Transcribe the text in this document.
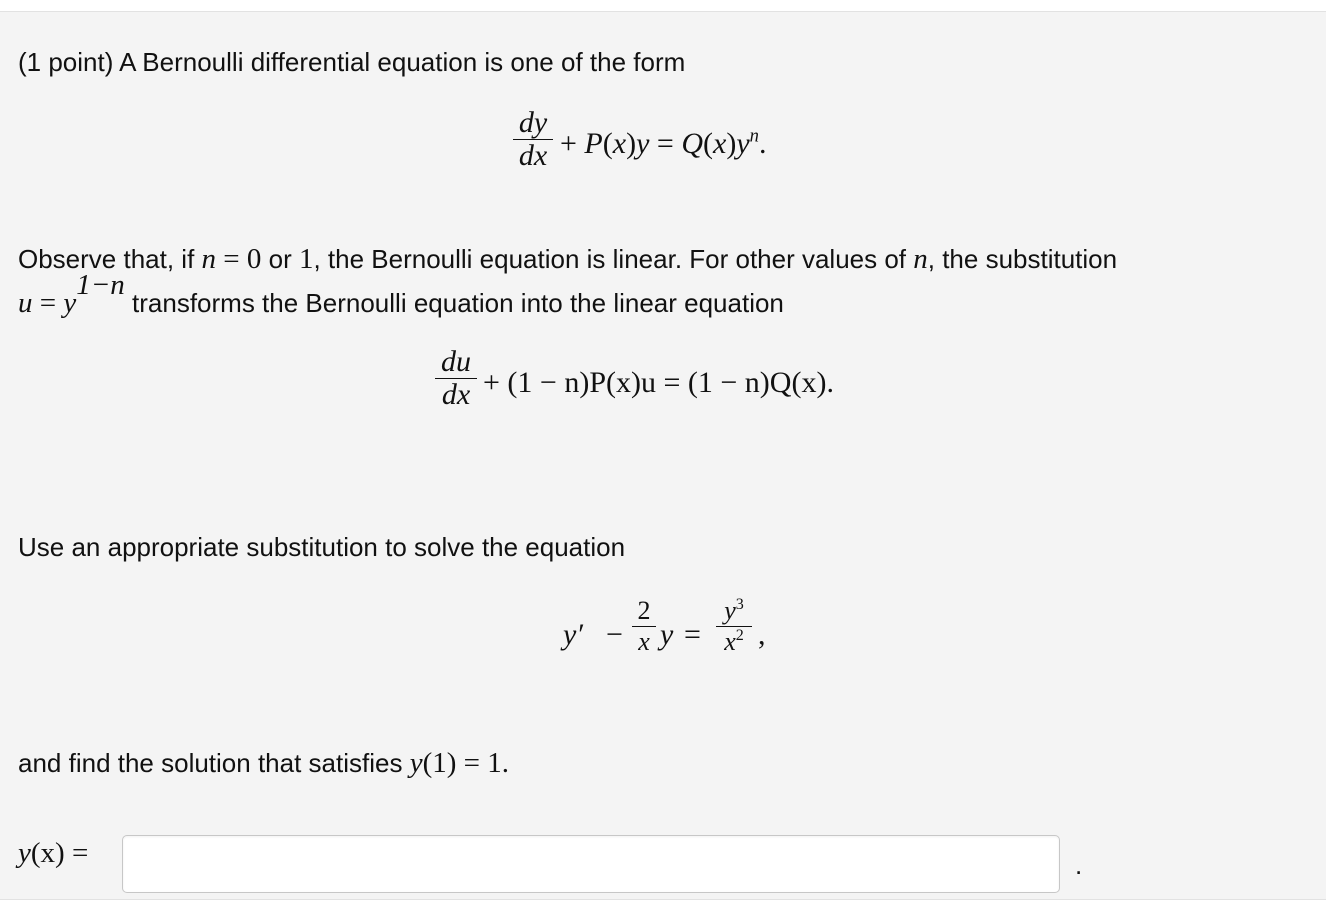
(1 point) A Bernoulli differential equation is one of the form
dy
dx + $P(x)y = Q(x)y^n$.
Observe that, if n = 0 or 1, the Bernoulli equation is linear. For other values of n, the substitution
$u = y^{1-n}$ transforms the Bernoulli equation into the linear equation
du
dx + (1 − n)P(x)u = (1 − n)Q(x).
Use an appropriate substitution to solve the equation
y′ −
2
x y =
$y^3$
$x^2$ ,
and find the solution that satisfies y(1) = 1.
y(x) =	.
